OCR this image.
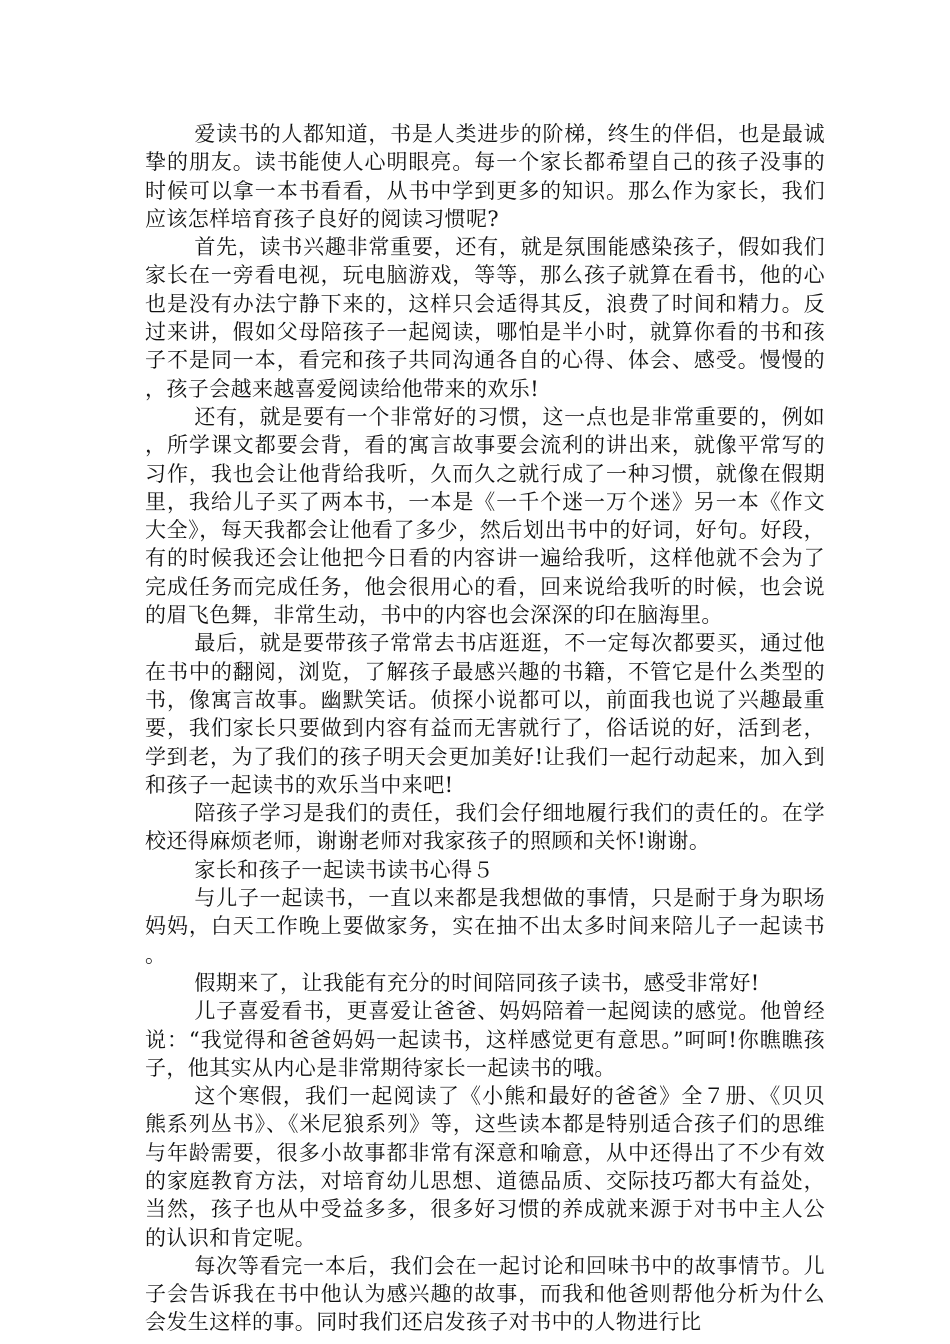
爱读书的人都知道，书是人类进步的阶梯，终生的伴侣，也是最诚挚的朋友。读书能使人心明眼亮。每一个家长都希望自己的孩子没事的时候可以拿一本书看看，从书中学到更多的知识。那么作为家长，我们应该怎样培育孩子良好的阅读习惯呢?

首先，读书兴趣非常重要，还有，就是氛围能感染孩子，假如我们家长在一旁看电视，玩电脑游戏，等等，那么孩子就算在看书，他的心也是没有办法宁静下来的，这样只会适得其反，浪费了时间和精力。反过来讲，假如父母陪孩子一起阅读，哪怕是半小时，就算你看的书和孩子不是同一本，看完和孩子共同沟通各自的心得、体会、感受。慢慢的，孩子会越来越喜爱阅读给他带来的欢乐!

还有，就是要有一个非常好的习惯，这一点也是非常重要的，例如，所学课文都要会背，看的寓言故事要会流利的讲出来，就像平常写的习作，我也会让他背给我听，久而久之就行成了一种习惯，就像在假期里，我给儿子买了两本书，一本是《一千个迷一万个迷》另一本《作文大全》，每天我都会让他看了多少，然后划出书中的好词，好句。好段，有的时候我还会让他把今日看的内容讲一遍给我听，这样他就不会为了完成任务而完成任务，他会很用心的看，回来说给我听的时候，也会说的眉飞色舞，非常生动，书中的内容也会深深的印在脑海里。

最后，就是要带孩子常常去书店逛逛，不一定每次都要买，通过他在书中的翻阅，浏览，了解孩子最感兴趣的书籍，不管它是什么类型的书，像寓言故事。幽默笑话。侦探小说都可以，前面我也说了兴趣最重要，我们家长只要做到内容有益而无害就行了，俗话说的好，活到老，学到老，为了我们的孩子明天会更加美好!让我们一起行动起来，加入到和孩子一起读书的欢乐当中来吧!

陪孩子学习是我们的责任，我们会仔细地履行我们的责任的。在学校还得麻烦老师，谢谢老师对我家孩子的照顾和关怀!谢谢。

家长和孩子一起读书读书心得５

与儿子一起读书，一直以来都是我想做的事情，只是耐于身为职场妈妈，白天工作晚上要做家务，实在抽不出太多时间来陪儿子一起读书。

假期来了，让我能有充分的时间陪同孩子读书，感受非常好!

儿子喜爱看书，更喜爱让爸爸、妈妈陪着一起阅读的感觉。他曾经说：“我觉得和爸爸妈妈一起读书，这样感觉更有意思。”呵呵!你瞧瞧孩子，他其实从内心是非常期待家长一起读书的哦。

这个寒假，我们一起阅读了《小熊和最好的爸爸》全７册、《贝贝熊系列丛书》、《米尼狼系列》等，这些读本都是特别适合孩子们的思维与年龄需要，很多小故事都非常有深意和喻意，从中还得出了不少有效的家庭教育方法，对培育幼儿思想、道德品质、交际技巧都大有益处，当然，孩子也从中受益多多，很多好习惯的养成就来源于对书中主人公的认识和肯定呢。

每次等看完一本后，我们会在一起讨论和回味书中的故事情节。儿子会告诉我在书中他认为感兴趣的故事，而我和他爸则帮他分析为什么会发生这样的事。同时我们还启发孩子对书中的人物进行比
